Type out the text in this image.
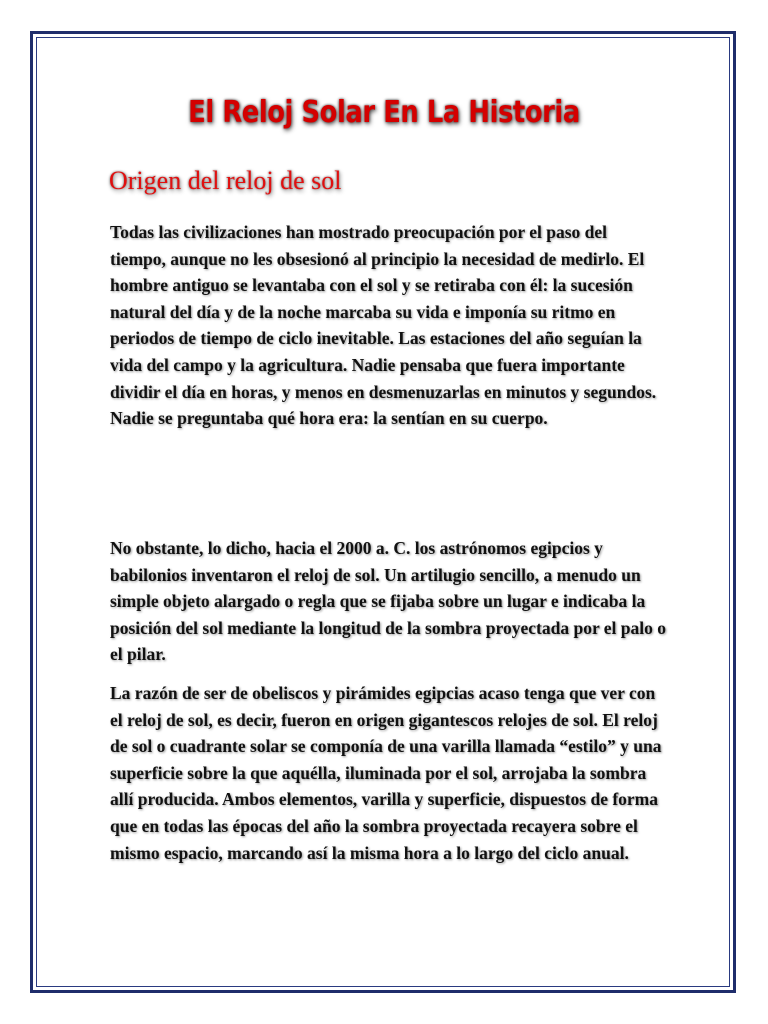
El Reloj Solar En La Historia
Origen del reloj de sol

Todas las civilizaciones han mostrado preocupación por el paso del tiempo, aunque no les obsesionó al principio la necesidad de medirlo. El hombre antiguo se levantaba con el sol y se retiraba con él: la sucesión natural del día y de la noche marcaba su vida e imponía su ritmo en periodos de tiempo de ciclo inevitable. Las estaciones del año seguían la vida del campo y la agricultura. Nadie pensaba que fuera importante dividir el día en horas, y menos en desmenuzarlas en minutos y segundos. Nadie se preguntaba qué hora era: la sentían en su cuerpo.

No obstante, lo dicho, hacia el 2000 a. C. los astrónomos egipcios y babilonios inventaron el reloj de sol. Un artilugio sencillo, a menudo un simple objeto alargado o regla que se fijaba sobre un lugar e indicaba la posición del sol mediante la longitud de la sombra proyectada por el palo o el pilar.

La razón de ser de obeliscos y pirámides egipcias acaso tenga que ver con el reloj de sol, es decir, fueron en origen gigantescos relojes de sol. El reloj de sol o cuadrante solar se componía de una varilla llamada “estilo” y una superficie sobre la que aquélla, iluminada por el sol, arrojaba la sombra allí producida. Ambos elementos, varilla y superficie, dispuestos de forma que en todas las épocas del año la sombra proyectada recayera sobre el mismo espacio, marcando así la misma hora a lo largo del ciclo anual.
